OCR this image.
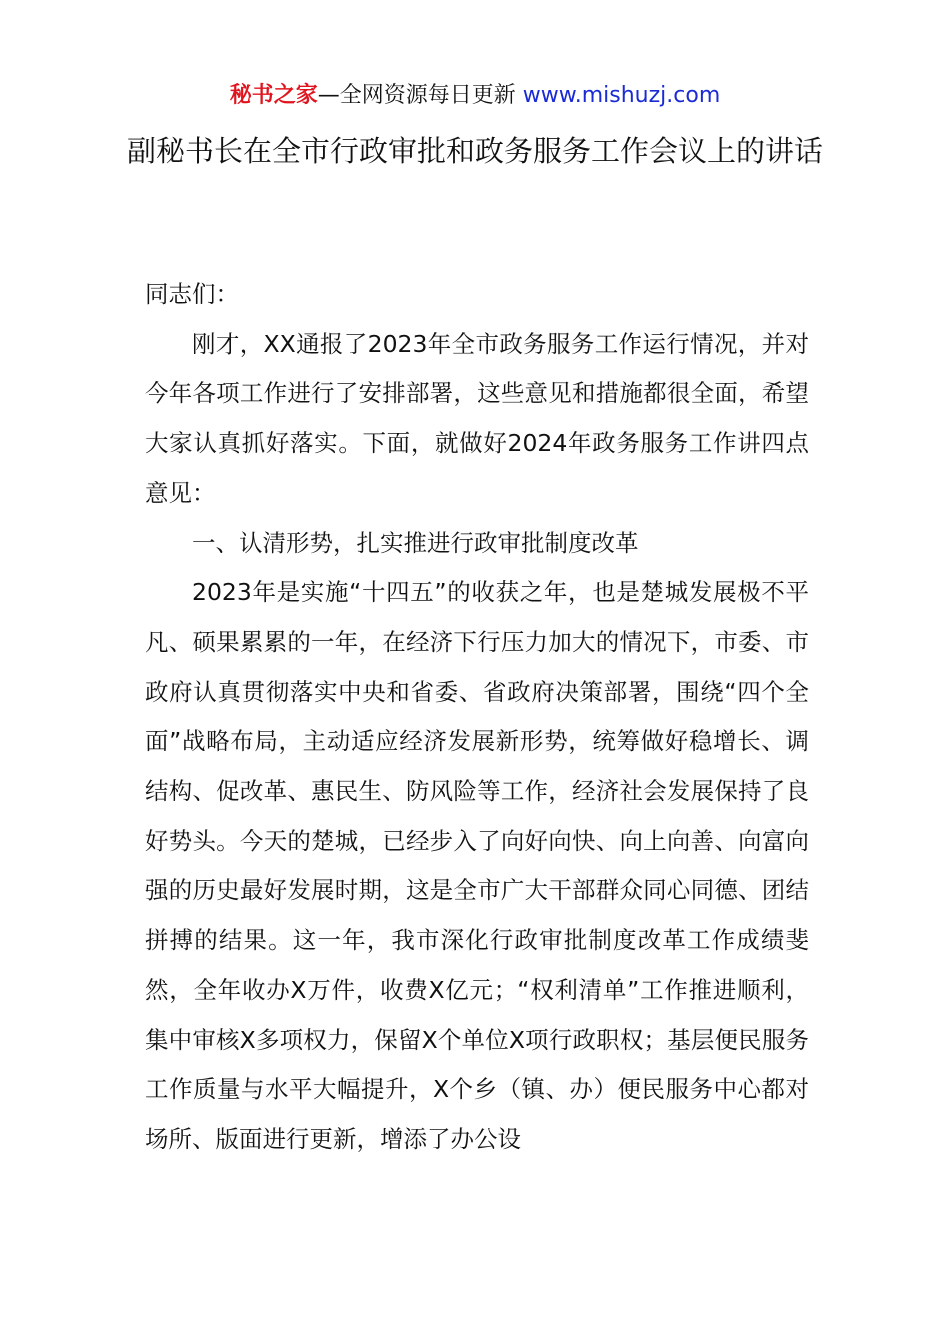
秘书之家—全网资源每日更新 www.mishuzj.com
副秘书长在全市行政审批和政务服务工作会议上的讲话

同志们：

刚才，XX通报了2023年全市政务服务工作运行情况，并对今年各项工作进行了安排部署，这些意见和措施都很全面，希望大家认真抓好落实。下面，就做好2024年政务服务工作讲四点意见：

一、认清形势，扎实推进行政审批制度改革

2023年是实施“十四五”的收获之年，也是楚城发展极不平凡、硕果累累的一年，在经济下行压力加大的情况下，市委、市政府认真贯彻落实中央和省委、省政府决策部署，围绕“四个全面”战略布局，主动适应经济发展新形势，统筹做好稳增长、调结构、促改革、惠民生、防风险等工作，经济社会发展保持了良好势头。今天的楚城，已经步入了向好向快、向上向善、向富向强的历史最好发展时期，这是全市广大干部群众同心同德、团结拼搏的结果。这一年，我市深化行政审批制度改革工作成绩斐然，全年收办X万件，收费X亿元；“权利清单”工作推进顺利，集中审核X多项权力，保留X个单位X项行政职权；基层便民服务工作质量与水平大幅提升，X个乡（镇、办）便民服务中心都对场所、版面进行更新，增添了办公设
